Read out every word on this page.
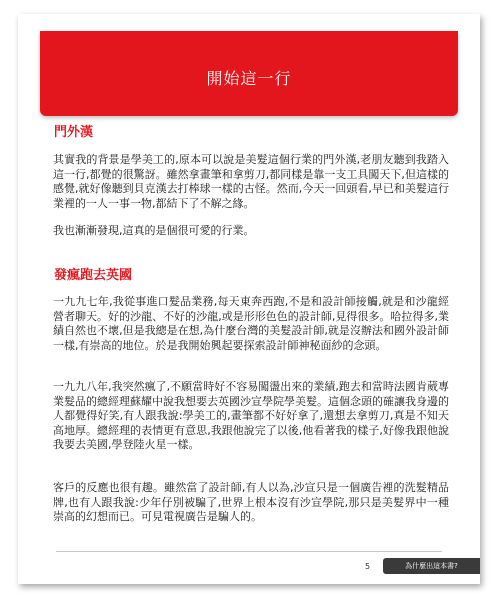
開始這一行
門外漢

其實我的背景是學美工的,原本可以說是美髮這個行業的門外漢,老朋友聽到我踏入這一行,都覺的很驚訝。雖然拿畫筆和拿剪刀,都同樣是靠一支工具闖天下,但這樣的感覺,就好像聽到貝克漢去打棒球一樣的古怪。然而,今天一回頭看,早已和美髮這行業裡的一人一事一物,都結下了不解之緣。

我也漸漸發現,這真的是個很可愛的行業。

發瘋跑去英國

一九九七年,我從事進口髮品業務,每天東奔西跑,不是和設計師接觸,就是和沙龍經營者聊天。好的沙龍、不好的沙龍,或是形形色色的設計師,見得很多。哈拉得多,業績自然也不壞,但是我總是在想,為什麼台灣的美髮設計師,就是沒辦法和國外設計師一樣,有崇高的地位。於是我開始興起要探索設計師神秘面紗的念頭。

一九九八年,我突然瘋了,不願當時好不容易闖盪出來的業績,跑去和當時法國肯葳專業髮品的總經理蘇耀中說我想要去英國沙宣學院學美髮。這個念頭的確讓我身邊的人都覺得好笑,有人跟我說:學美工的,畫筆都不好好拿了,還想去拿剪刀,真是不知天高地厚。總經理的表情更有意思,我跟他說完了以後,他看著我的樣子,好像我跟他說我要去美國,學登陸火星一樣。

客戶的反應也很有趣。雖然當了設計師,有人以為,沙宣只是一個廣告裡的洗髮精品牌,也有人跟我說:少年仔別被騙了,世界上根本沒有沙宣學院,那只是美髮界中一種崇高的幻想而已。可見電視廣告是騙人的。

5	為什麼出這本書?
